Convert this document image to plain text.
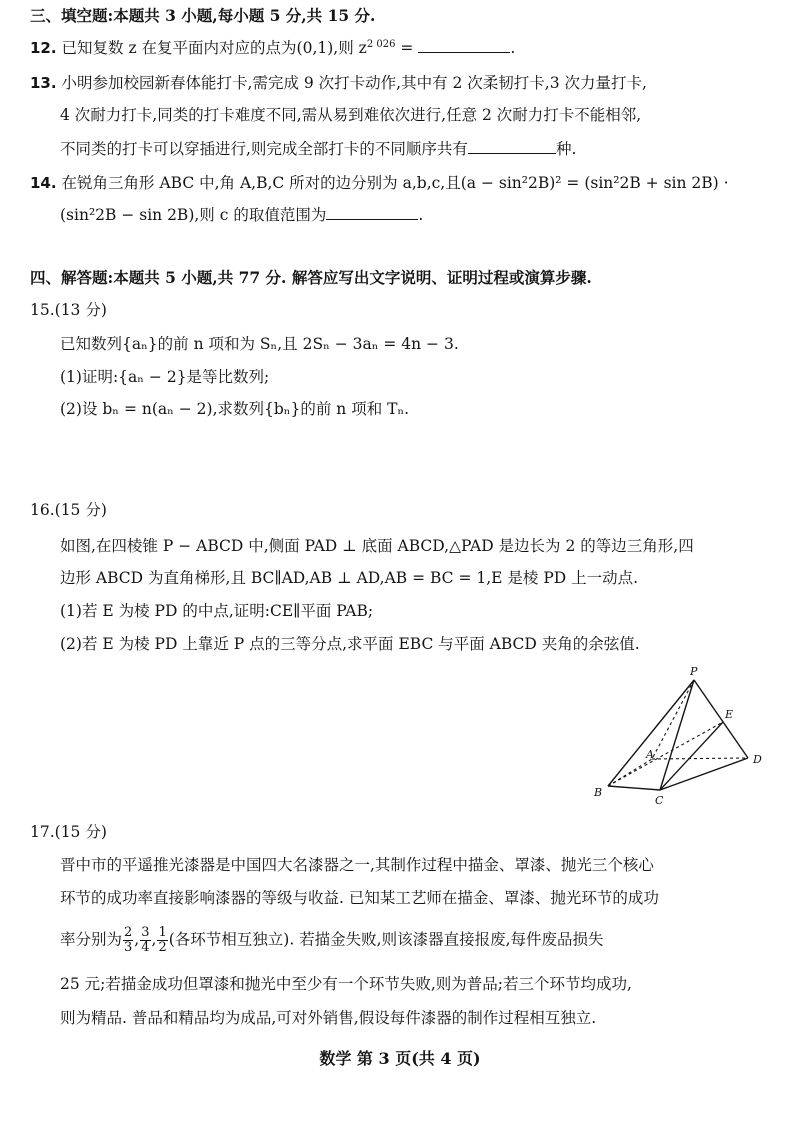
三、填空题:本题共 3 小题,每小题 5 分,共 15 分.
12. 已知复数 z 在复平面内对应的点为(0,1),则 $z^{2 026}$ =	.
13. 小明参加校园新春体能打卡,需完成 9 次打卡动作,其中有 2 次柔韧打卡,3 次力量打卡,
4 次耐力打卡,同类的打卡难度不同,需从易到难依次进行,任意 2 次耐力打卡不能相邻,
不同类的打卡可以穿插进行,则完成全部打卡的不同顺序共有	种.
14. 在锐角三角形 ABC 中,角 A,B,C 所对的边分别为 a,b,c,且(a − sin²2B)² = (sin²2B + sin 2B) ·
(sin²2B − sin 2B),则 c 的取值范围为	.
四、解答题:本题共 5 小题,共 77 分. 解答应写出文字说明、证明过程或演算步骤.
15.(13 分)
已知数列{aₙ}的前 n 项和为 Sₙ,且 2Sₙ − 3aₙ = 4n − 3.
(1)证明:{aₙ − 2}是等比数列;
(2)设 bₙ = n(aₙ − 2),求数列{bₙ}的前 n 项和 Tₙ.
16.(15 分)
如图,在四棱锥 P − ABCD 中,侧面 PAD ⊥ 底面 ABCD,△PAD 是边长为 2 的等边三角形,四
边形 ABCD 为直角梯形,且 BC∥AD,AB ⊥ AD,AB = BC = 1,E 是棱 PD 上一动点.
(1)若 E 为棱 PD 的中点,证明:CE∥平面 PAB;
(2)若 E 为棱 PD 上靠近 P 点的三等分点,求平面 EBC 与平面 ABCD 夹角的余弦值.
P
E
A	D
B
C
17.(15 分)
晋中市的平遥推光漆器是中国四大名漆器之一,其制作过程中描金、罩漆、抛光三个核心
环节的成功率直接影响漆器的等级与收益. 已知某工艺师在描金、罩漆、抛光环节的成功
率分别为 $\frac{2}{3}$ , $\frac{3}{4}$ , $\frac{1}{2}$ (各环节相互独立). 若描金失败,则该漆器直接报废,每件废品损失
25 元;若描金成功但罩漆和抛光中至少有一个环节失败,则为普品;若三个环节均成功,
则为精品. 普品和精品均为成品,可对外销售,假设每件漆器的制作过程相互独立.
数学 第 3 页(共 4 页)
